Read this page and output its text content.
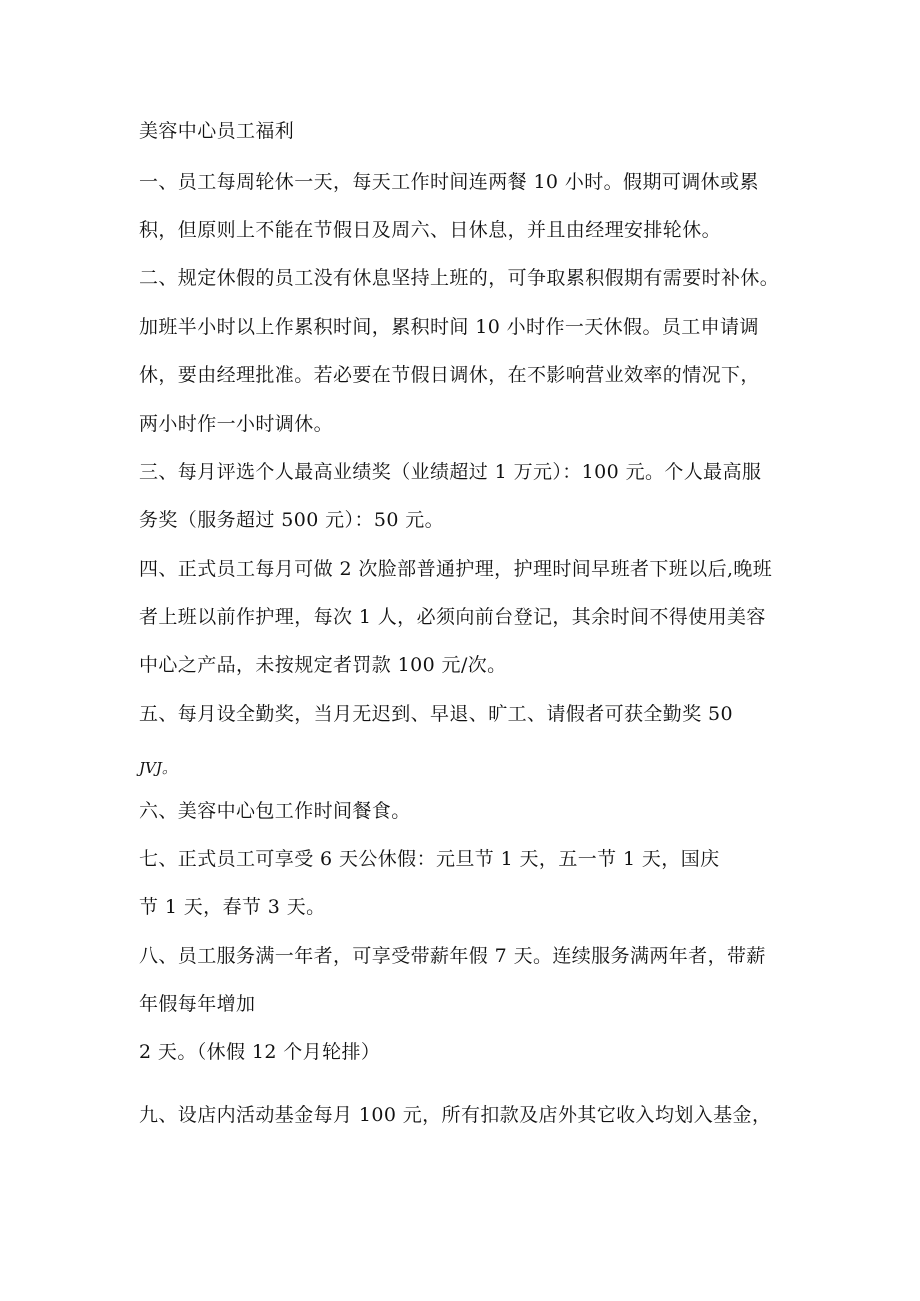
美容中心员工福利
一、员工每周轮休一天，每天工作时间连两餐 10 小时。假期可调休或累
积，但原则上不能在节假日及周六、日休息，并且由经理安排轮休。
二、规定休假的员工没有休息坚持上班的，可争取累积假期有需要时补休。
加班半小时以上作累积时间，累积时间 10 小时作一天休假。员工申请调
休，要由经理批准。若必要在节假日调休，在不影响营业效率的情况下，
两小时作一小时调休。
三、每月评选个人最高业绩奖（业绩超过 1 万元）：100 元。个人最高服
务奖（服务超过 500 元）：50 元。
四、正式员工每月可做 2 次脸部普通护理，护理时间早班者下班以后,晚班
者上班以前作护理，每次 1 人，必须向前台登记，其余时间不得使用美容
中心之产品，未按规定者罚款 100 元/次。
五、每月设全勤奖，当月无迟到、早退、旷工、请假者可获全勤奖 50
JVJ。
六、美容中心包工作时间餐食。
七、正式员工可享受 6 天公休假：元旦节 1 天，五一节 1 天，国庆
节 1 天，春节 3 天。
八、员工服务满一年者，可享受带薪年假 7 天。连续服务满两年者，带薪
年假每年增加
2 天。（休假 12 个月轮排）
九、设店内活动基金每月 100 元，所有扣款及店外其它收入均划入基金，
